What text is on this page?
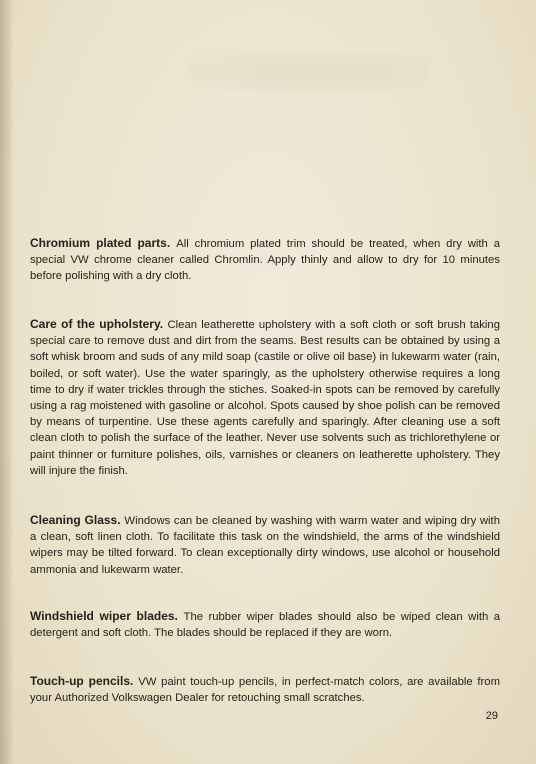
Chromium plated parts. All chromium plated trim should be treated, when dry with a special VW chrome cleaner called Chromlin. Apply thinly and allow to dry for 10 minutes before polishing with a dry cloth.
Care of the upholstery. Clean leatherette upholstery with a soft cloth or soft brush taking special care to remove dust and dirt from the seams. Best results can be obtained by using a soft whisk broom and suds of any mild soap (castile or olive oil base) in lukewarm water (rain, boiled, or soft water). Use the water sparingly, as the upholstery otherwise requires a long time to dry if water trickles through the stiches. Soaked-in spots can be removed by carefully using a rag moistened with gasoline or alcohol. Spots caused by shoe polish can be removed by means of turpentine. Use these agents carefully and sparingly. After cleaning use a soft clean cloth to polish the surface of the leather. Never use solvents such as trichlorethylene or paint thinner or furniture polishes, oils, varnishes or cleaners on leatherette upholstery. They will injure the finish.
Cleaning Glass. Windows can be cleaned by washing with warm water and wiping dry with a clean, soft linen cloth. To facilitate this task on the windshield, the arms of the windshield wipers may be tilted forward. To clean exceptionally dirty windows, use alcohol or household ammonia and lukewarm water.
Windshield wiper blades. The rubber wiper blades should also be wiped clean with a detergent and soft cloth. The blades should be replaced if they are worn.
Touch-up pencils. VW paint touch-up pencils, in perfect-match colors, are available from your Authorized Volkswagen Dealer for retouching small scratches.
29
